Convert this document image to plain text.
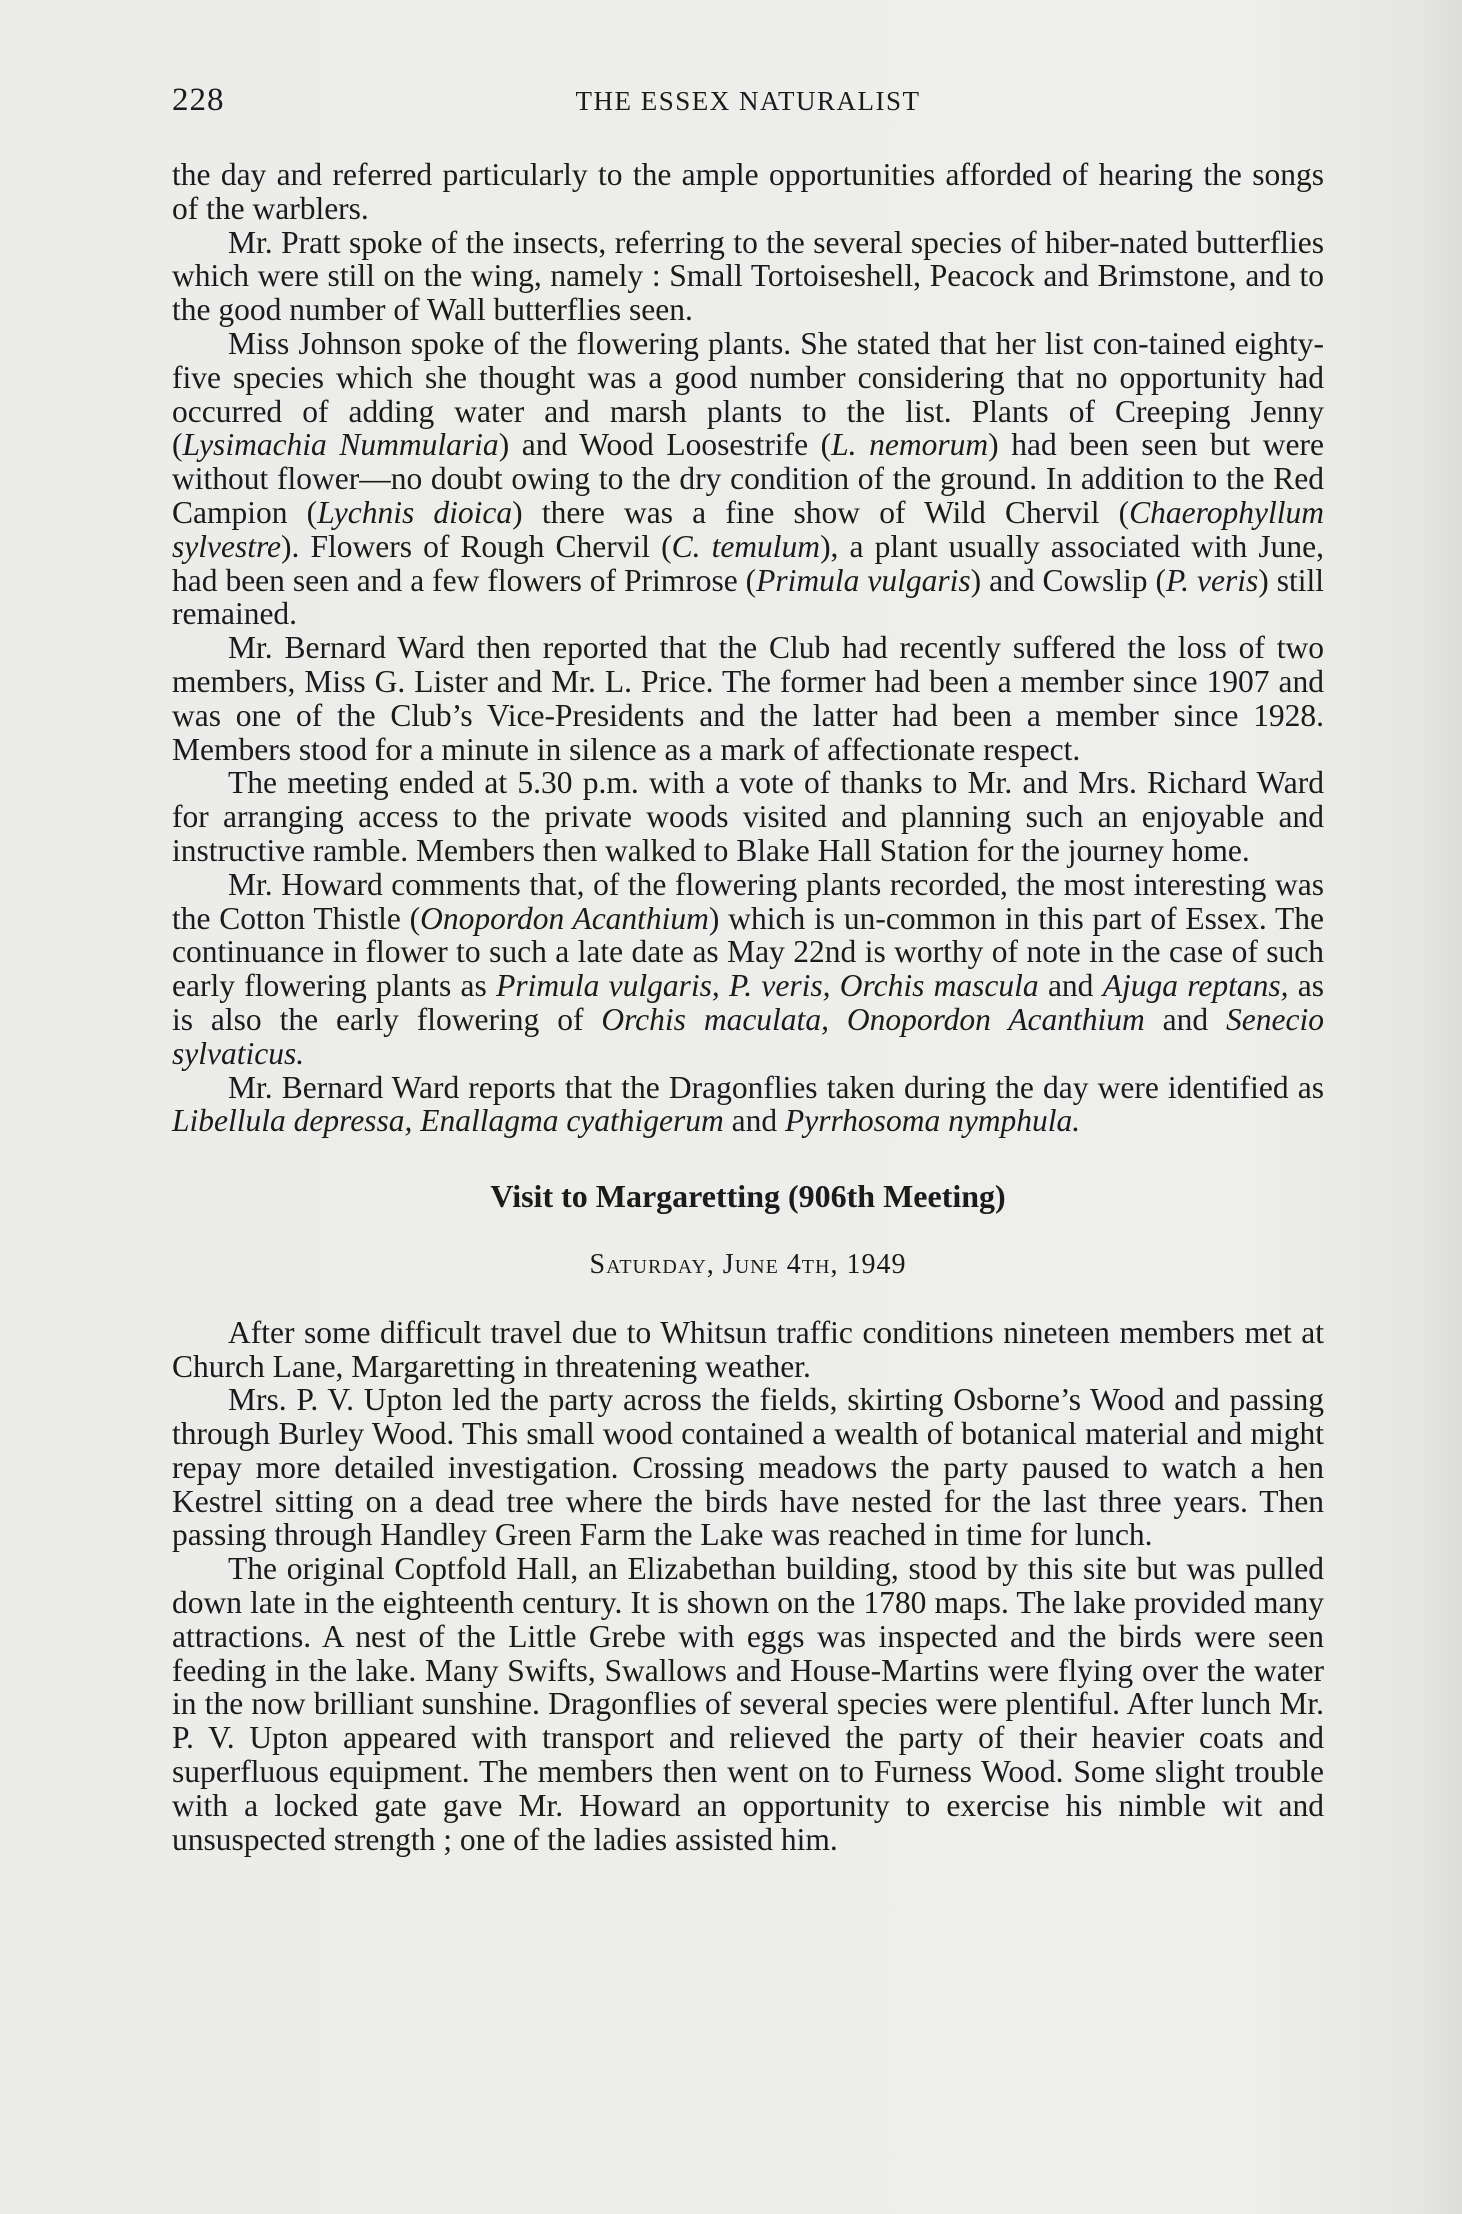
228	THE ESSEX NATURALIST

the day and referred particularly to the ample opportunities afforded of hearing the songs of the warblers.

Mr. Pratt spoke of the insects, referring to the several species of hiber-nated butterflies which were still on the wing, namely : Small Tortoiseshell, Peacock and Brimstone, and to the good number of Wall butterflies seen.

Miss Johnson spoke of the flowering plants. She stated that her list con-tained eighty-five species which she thought was a good number considering that no opportunity had occurred of adding water and marsh plants to the list. Plants of Creeping Jenny (Lysimachia Nummularia) and Wood Loosestrife (L. nemorum) had been seen but were without flower—no doubt owing to the dry condition of the ground. In addition to the Red Campion (Lychnis dioica) there was a fine show of Wild Chervil (Chaerophyllum sylvestre). Flowers of Rough Chervil (C. temulum), a plant usually associated with June, had been seen and a few flowers of Primrose (Primula vulgaris) and Cowslip (P. veris) still remained.

Mr. Bernard Ward then reported that the Club had recently suffered the loss of two members, Miss G. Lister and Mr. L. Price. The former had been a member since 1907 and was one of the Club’s Vice-Presidents and the latter had been a member since 1928. Members stood for a minute in silence as a mark of affectionate respect.

The meeting ended at 5.30 p.m. with a vote of thanks to Mr. and Mrs. Richard Ward for arranging access to the private woods visited and planning such an enjoyable and instructive ramble. Members then walked to Blake Hall Station for the journey home.

Mr. Howard comments that, of the flowering plants recorded, the most interesting was the Cotton Thistle (Onopordon Acanthium) which is un-common in this part of Essex. The continuance in flower to such a late date as May 22nd is worthy of note in the case of such early flowering plants as Primula vulgaris, P. veris, Orchis mascula and Ajuga reptans, as is also the early flowering of Orchis maculata, Onopordon Acanthium and Senecio sylvaticus.

Mr. Bernard Ward reports that the Dragonflies taken during the day were identified as Libellula depressa, Enallagma cyathigerum and Pyrrhosoma nymphula.

Visit to Margaretting (906th Meeting)
Saturday, June 4th, 1949

After some difficult travel due to Whitsun traffic conditions nineteen members met at Church Lane, Margaretting in threatening weather.

Mrs. P. V. Upton led the party across the fields, skirting Osborne’s Wood and passing through Burley Wood. This small wood contained a wealth of botanical material and might repay more detailed investigation. Crossing meadows the party paused to watch a hen Kestrel sitting on a dead tree where the birds have nested for the last three years. Then passing through Handley Green Farm the Lake was reached in time for lunch.

The original Coptfold Hall, an Elizabethan building, stood by this site but was pulled down late in the eighteenth century. It is shown on the 1780 maps. The lake provided many attractions. A nest of the Little Grebe with eggs was inspected and the birds were seen feeding in the lake. Many Swifts, Swallows and House-Martins were flying over the water in the now brilliant sunshine. Dragonflies of several species were plentiful. After lunch Mr. P. V. Upton appeared with transport and relieved the party of their heavier coats and superfluous equipment. The members then went on to Furness Wood. Some slight trouble with a locked gate gave Mr. Howard an opportunity to exercise his nimble wit and unsuspected strength ; one of the ladies assisted him.
